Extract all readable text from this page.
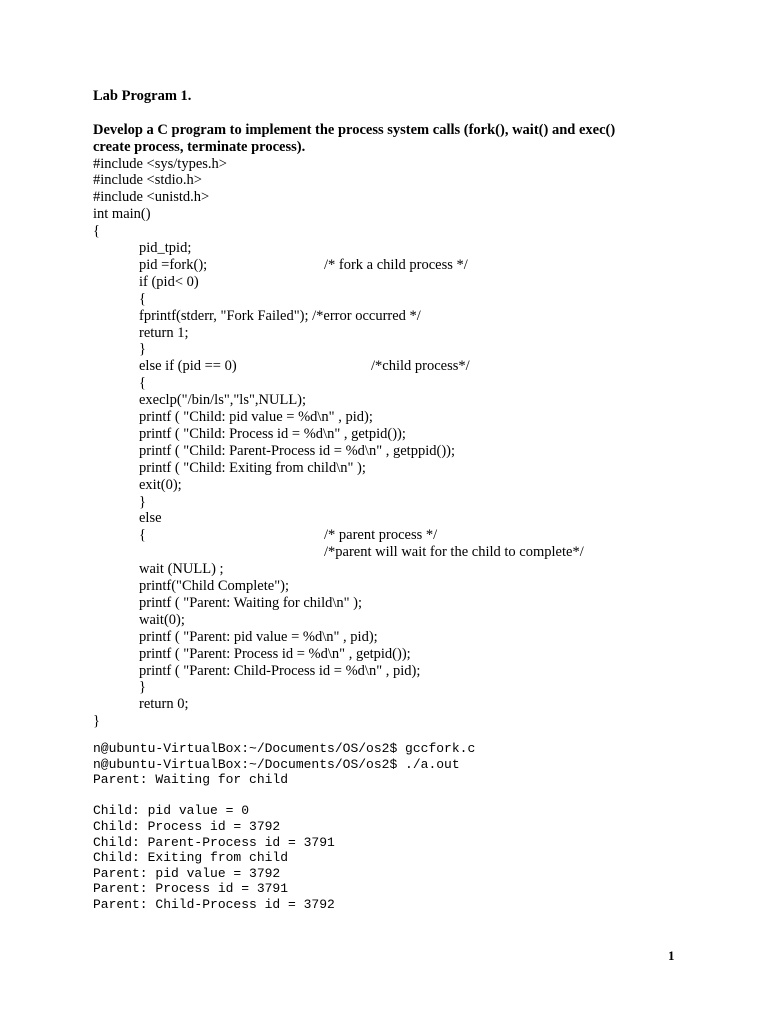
Lab Program 1.
Develop a C program to implement the process system calls (fork(), wait() and exec()
create process, terminate process).
#include <sys/types.h>
#include <stdio.h>
#include <unistd.h>
int main()
{
pid_tpid;
pid =fork();	/* fork a child process */
if (pid< 0)
{
fprintf(stderr, "Fork Failed"); /*error occurred */
return 1;
}
else if (pid == 0)	/*child process*/
{
execlp("/bin/ls","ls",NULL);
printf ( "Child: pid value = %d\n" , pid);
printf ( "Child: Process id = %d\n" , getpid());
printf ( "Child: Parent-Process id = %d\n" , getppid());
printf ( "Child: Exiting from child\n" );
exit(0);
}
else
{	/* parent process */
/*parent will wait for the child to complete*/
wait (NULL) ;
printf("Child Complete");
printf ( "Parent: Waiting for child\n" );
wait(0);
printf ( "Parent: pid value = %d\n" , pid);
printf ( "Parent: Process id = %d\n" , getpid());
printf ( "Parent: Child-Process id = %d\n" , pid);
}
return 0;
}
n@ubuntu-VirtualBox:~/Documents/OS/os2$ gccfork.c
n@ubuntu-VirtualBox:~/Documents/OS/os2$ ./a.out
Parent: Waiting for child
Child: pid value = 0
Child: Process id = 3792
Child: Parent-Process id = 3791
Child: Exiting from child
Parent: pid value = 3792
Parent: Process id = 3791
Parent: Child-Process id = 3792
1
